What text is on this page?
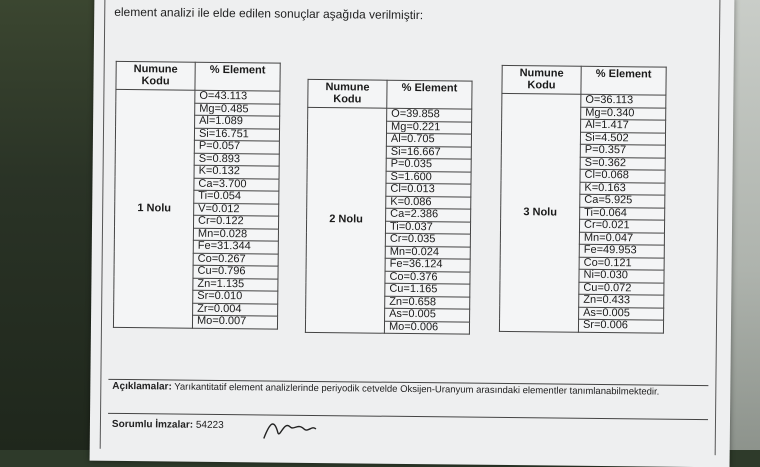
element analizi ile elde edilen sonuçlar aşağıda verilmiştir:
Numune Kodu	% Element
1 Nolu	O=43.113
	Mg=0.485
	Al=1.089
	Si=16.751
	P=0.057
	S=0.893
	K=0.132
	Ca=3.700
	Ti=0.054
	V=0.012
	Cr=0.122
	Mn=0.028
	Fe=31.344
	Co=0.267
	Cu=0.796
	Zn=1.135
	Sr=0.010
	Zr=0.004
	Mo=0.007
Numune Kodu	% Element
2 Nolu	O=39.858
	Mg=0.221
	Al=0.705
	Si=16.667
	P=0.035
	S=1.600
	Cl=0.013
	K=0.086
	Ca=2.386
	Ti=0.037
	Cr=0.035
	Mn=0.024
	Fe=36.124
	Co=0.376
	Cu=1.165
	Zn=0.658
	As=0.005
	Mo=0.006
Numune Kodu	% Element
3 Nolu	O=36.113
	Mg=0.340
	Al=1.417
	Si=4.502
	P=0.357
	S=0.362
	Cl=0.068
	K=0.163
	Ca=5.925
	Ti=0.064
	Cr=0.021
	Mn=0.047
	Fe=49.953
	Co=0.121
	Ni=0.030
	Cu=0.072
	Zn=0.433
	As=0.005
	Sr=0.006
Açıklamalar: Yarıkantitatif element analizlerinde periyodik cetvelde Oksijen-Uranyum arasındaki elementler tanımlanabilmektedir.
Sorumlu İmzalar: 54223
